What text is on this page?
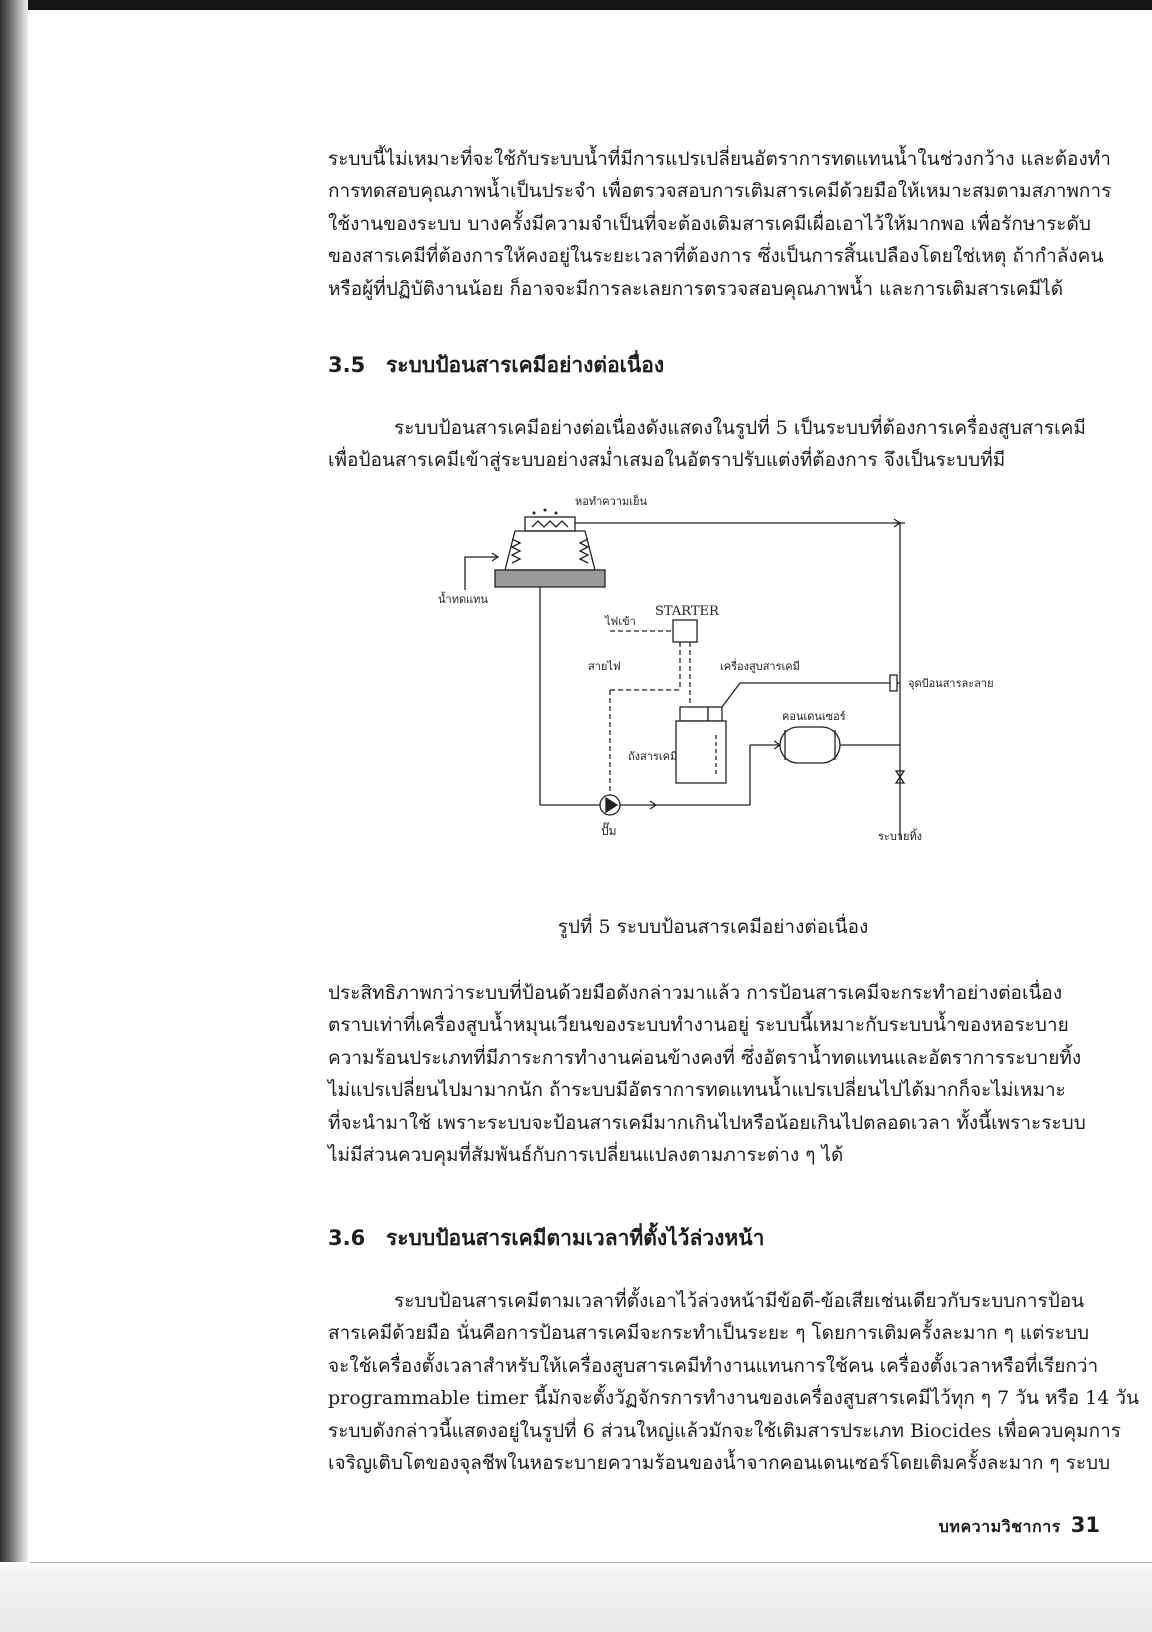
ระบบนี้ไม่เหมาะที่จะใช้กับระบบน้ำที่มีการแปรเปลี่ยนอัตราการทดแทนน้ำในช่วงกว้าง และต้องทำ
การทดสอบคุณภาพน้ำเป็นประจำ เพื่อตรวจสอบการเติมสารเคมีด้วยมือให้เหมาะสมตามสภาพการ
ใช้งานของระบบ บางครั้งมีความจำเป็นที่จะต้องเติมสารเคมีเผื่อเอาไว้ให้มากพอ เพื่อรักษาระดับ
ของสารเคมีที่ต้องการให้คงอยู่ในระยะเวลาที่ต้องการ ซึ่งเป็นการสิ้นเปลืองโดยใช่เหตุ ถ้ากำลังคน
หรือผู้ที่ปฏิบัติงานน้อย ก็อาจจะมีการละเลยการตรวจสอบคุณภาพน้ำ และการเติมสารเคมีได้
3.5 ระบบป้อนสารเคมีอย่างต่อเนื่อง
ระบบป้อนสารเคมีอย่างต่อเนื่องดังแสดงในรูปที่ 5 เป็นระบบที่ต้องการเครื่องสูบสารเคมี
เพื่อป้อนสารเคมีเข้าสู่ระบบอย่างสม่ำเสมอในอัตราปรับแต่งที่ต้องการ จึงเป็นระบบที่มี
หอทำความเย็น
น้ำทดแทน
STARTER
ไฟเข้า
สายไฟ	เครื่องสูบสารเคมี
จุดป้อนสารละลาย
คอนเดนเซอร์
ถังสารเคมี
ปั๊ม	ระบายทิ้ง

รูปที่ 5 ระบบป้อนสารเคมีอย่างต่อเนื่อง

ประสิทธิภาพกว่าระบบที่ป้อนด้วยมือดังกล่าวมาแล้ว การป้อนสารเคมีจะกระทำอย่างต่อเนื่อง
ตราบเท่าที่เครื่องสูบน้ำหมุนเวียนของระบบทำงานอยู่ ระบบนี้เหมาะกับระบบน้ำของหอระบาย
ความร้อนประเภทที่มีภาระการทำงานค่อนข้างคงที่ ซึ่งอัตราน้ำทดแทนและอัตราการระบายทิ้ง
ไม่แปรเปลี่ยนไปมามากนัก ถ้าระบบมีอัตราการทดแทนน้ำแปรเปลี่ยนไปได้มากก็จะไม่เหมาะ
ที่จะนำมาใช้ เพราะระบบจะป้อนสารเคมีมากเกินไปหรือน้อยเกินไปตลอดเวลา ทั้งนี้เพราะระบบ
ไม่มีส่วนควบคุมที่สัมพันธ์กับการเปลี่ยนแปลงตามภาระต่าง ๆ ได้
3.6 ระบบป้อนสารเคมีตามเวลาที่ตั้งไว้ล่วงหน้า
ระบบป้อนสารเคมีตามเวลาที่ตั้งเอาไว้ล่วงหน้ามีข้อดี-ข้อเสียเช่นเดียวกับระบบการป้อน
สารเคมีด้วยมือ นั่นคือการป้อนสารเคมีจะกระทำเป็นระยะ ๆ โดยการเติมครั้งละมาก ๆ แต่ระบบ
จะใช้เครื่องตั้งเวลาสำหรับให้เครื่องสูบสารเคมีทำงานแทนการใช้คน เครื่องตั้งเวลาหรือที่เรียกว่า
programmable timer นี้มักจะตั้งวัฏจักรการทำงานของเครื่องสูบสารเคมีไว้ทุก ๆ 7 วัน หรือ 14 วัน
ระบบดังกล่าวนี้แสดงอยู่ในรูปที่ 6 ส่วนใหญ่แล้วมักจะใช้เติมสารประเภท Biocides เพื่อควบคุมการ
เจริญเติบโตของจุลชีพในหอระบายความร้อนของน้ำจากคอนเดนเซอร์โดยเติมครั้งละมาก ๆ ระบบ
บทความวิชาการ 31
